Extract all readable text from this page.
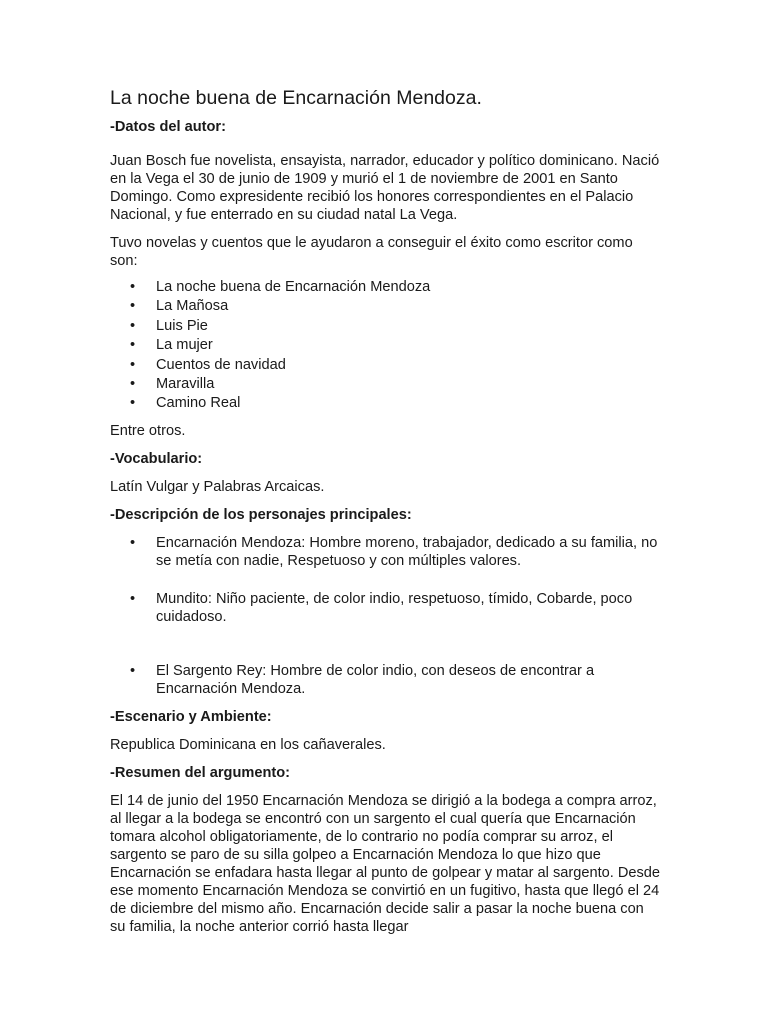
La noche buena de Encarnación Mendoza.
-Datos del autor:

Juan Bosch fue novelista, ensayista, narrador, educador y político dominicano. Nació en la Vega el 30 de junio de 1909 y murió el 1 de noviembre de 2001 en Santo Domingo. Como expresidente recibió los honores correspondientes en el Palacio Nacional, y fue enterrado en su ciudad natal La Vega.

Tuvo novelas y cuentos que le ayudaron a conseguir el éxito como escritor como son:

• La noche buena de Encarnación Mendoza
• La Mañosa
• Luis Pie
• La mujer
• Cuentos de navidad
• Maravilla
• Camino Real

Entre otros.

-Vocabulario:

Latín Vulgar y Palabras Arcaicas.

-Descripción de los personajes principales:
• Encarnación Mendoza: Hombre moreno, trabajador, dedicado a su familia, no se metía con nadie, Respetuoso y con múltiples valores.
• Mundito: Niño paciente, de color indio, respetuoso, tímido, Cobarde, poco cuidadoso.
• El Sargento Rey: Hombre de color indio, con deseos de encontrar a Encarnación Mendoza.
-Escenario y Ambiente:

Republica Dominicana en los cañaverales.

-Resumen del argumento:

El 14 de junio del 1950 Encarnación Mendoza se dirigió a la bodega a compra arroz, al llegar a la bodega se encontró con un sargento el cual quería que Encarnación tomara alcohol obligatoriamente, de lo contrario no podía comprar su arroz, el sargento se paro de su silla golpeo a Encarnación Mendoza lo que hizo que Encarnación se enfadara hasta llegar al punto de golpear y matar al sargento. Desde ese momento Encarnación Mendoza se convirtió en un fugitivo, hasta que llegó el 24 de diciembre del mismo año. Encarnación decide salir a pasar la noche buena con su familia, la noche anterior corrió hasta llegar
